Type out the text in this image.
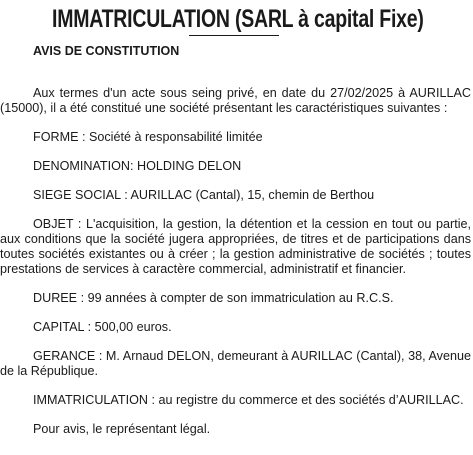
IMMATRICULATION (SARL à capital Fixe)
AVIS DE CONSTITUTION

Aux termes d'un acte sous seing privé, en date du 27/02/2025 à AURILLAC (15000), il a été constitué une société présentant les caractéristiques suivantes :

FORME : Société à responsabilité limitée

DENOMINATION: HOLDING DELON

SIEGE SOCIAL : AURILLAC (Cantal), 15, chemin de Berthou

OBJET : L'acquisition, la gestion, la détention et la cession en tout ou partie, aux conditions que la société jugera appropriées, de titres et de participations dans toutes sociétés existantes ou à créer ; la gestion administrative de sociétés ; toutes prestations de services à caractère commercial, administratif et financier.

DUREE : 99 années à compter de son immatriculation au R.C.S.

CAPITAL : 500,00 euros.

GERANCE : M. Arnaud DELON, demeurant à AURILLAC (Cantal), 38, Avenue de la République.

IMMATRICULATION : au registre du commerce et des sociétés d’AURILLAC.

Pour avis, le représentant légal.
